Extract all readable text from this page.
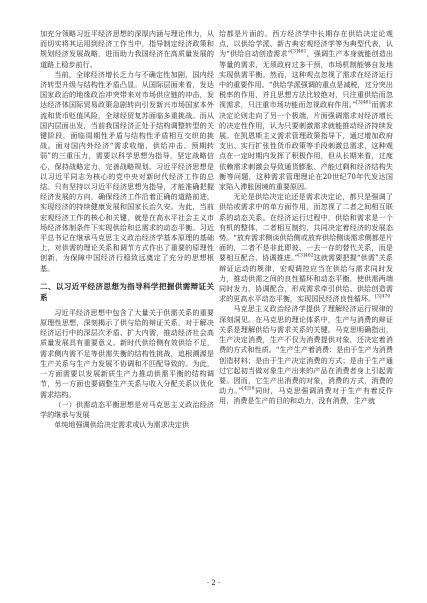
加充分领略习近平经济思想的深厚内涵与理论伟力，从而切实将其运用到经济工作当中，指导制定经济政策和规划经济发展战略，进而助力我国经济在高质量发展的道路上稳步前行。

当前，全球经济增长乏力与不确定性加剧，国内经济转型升级与结构性矛盾凸显。从国际层面来看，发达国家政治的地缘政治冲突带来对市场供应链的冲击，发达经济体国际贸易政策急剧转向引发新兴市场国家本外流和货币贬值风险，全球经贸复苏面临多重挑战。而从国内层面出发，当前我国经济正处于结构调整转型的关键阶段，面临周期性矛盾与结构性矛盾相互交织的挑战。面对国内外经济“需求收缩、供给冲击、预期转弱”的三重压力，需要以科学思想为指导，坚定战略信心，保持战略定力，完善战略规划。习近平经济思想是以习近平同志为核心的党中央对新时代经济工作的总结。只有坚持以习近平经济思想为指导，才能准确把握经济发展的方向，确保经济工作沿着正确的道路前进，实现经济的持续健康发展和国家长治久安。为此，当前宏观经济工作的核心和关键，就是在高水平社会主义市场经济体制条件下实现供给和总需求的动态平衡。习近平总书记在继承马克思主义政治经济学基本原理的基础上，对供需的理论关系和调节方式作出了重要的原理性创新，为保障中国经济行稳致远奠定了充分的思想根基。

二、以习近平经济思想为指导科学把握供需辩证关系

习近平经济思想中包含了大量关于供需关系的重要原理性思想，深刻揭示了供与给的辩证关系，对于解决经济运行中的深层次矛盾、扩大内需，推动经济社会高质量发展具有重要意义。新时代供给侧有效供给不足，需求侧内需不足等供需失衡的结构性挑战，追根溯源是生产关系与生产力发展不协调和不匹配导致的。为此，一方面需要以发展新质生产力推动供需平衡的结构调节，另一方面也要调整生产关系与收入分配关系以优化需求结构。

（一）供需动态平衡思想是对马克思主义政治经济学的继承与发展

单纯地强调供给决定需求或认为需求决定供

给都是片面的。西方经济学中长期存在供给决定论观点，以供给学派、新古典宏观经济学等为典型代表，认为“供给自动创造需求”$^{[3]461}$，强调生产本身就能创造出等量的需求，无须政府过多干预，市场机制能够自发地实现供需平衡。然而，这种观点忽视了需求在经济运行中的重要作用。“供给学派强调的重点是减税，过分突出税率的作用，并且思想方法比较绝对，只注重供给而忽视需求，只注重市场功能而忽视政府作用。”$^{[3]461}$而需求决定论则走向了另一个极端，片面强调需求对经济增长的决定性作用，认为只要刺激需求就能推动经济持续发展。在凯恩斯主义需求管理政策指导下，通过增加政府支出、实行扩张性货币政策等手段刺激总需求，这种观点在一定时期内发挥了积极作用，但从长期来看，过度依赖需求刺激会导致通货膨胀、产能过剩和经济结构失衡等问题，这种需求管理理论在20世纪70年代发达国家陷入滞胀困境的重要原因。

无论是供给决定论还是需求决定论，都只是强调了供给或需求中的单方面作用，而忽视了二者之间相互联系的动态关系。在经济运行过程中，供给和需求是一个有机的整体，二者相互制约，共同决定着经济的发展态势。“放弃需求侧谈供给侧或放弃供给侧谈需求侧都是片面的，二者不是非此即彼、一去一存的替代关系，而是要相互配合、协调推进。”$^{[3]462}$这就需要把握“供需”关系辩证运动的规律，宏观调控应当在供给与需求同时发力，推动供需之间的良性循环和动态平衡，使供需两端同时发力、协调配合，形成需求牵引供给、供给创造需求的更高水平动态平衡，实现国民经济良性循环。$^{[3]470}$

马克思主义政治经济学提供了理解经济运行规律的深刻洞见。在马克思的理论体系中，生产与消费的辩证关系是理解供给与需求关系的关键。马克思明确指出，生产决定消费，生产不仅为消费提供对象，还决定着消费的方式和性质。“生产生产着消费：是由于生产为消费创造材料；是由于生产决定消费的方式；是由于生产通过它起初当做对象生产出来的产品在消费者身上引起需要。因而，它生产出消费的对象，消费的方式，消费的动力。”$^{[4]16}$同时，马克思强调消费对于生产有着反作用，消费是生产的目的和动力，没有消费，生产就

· 2 ·
